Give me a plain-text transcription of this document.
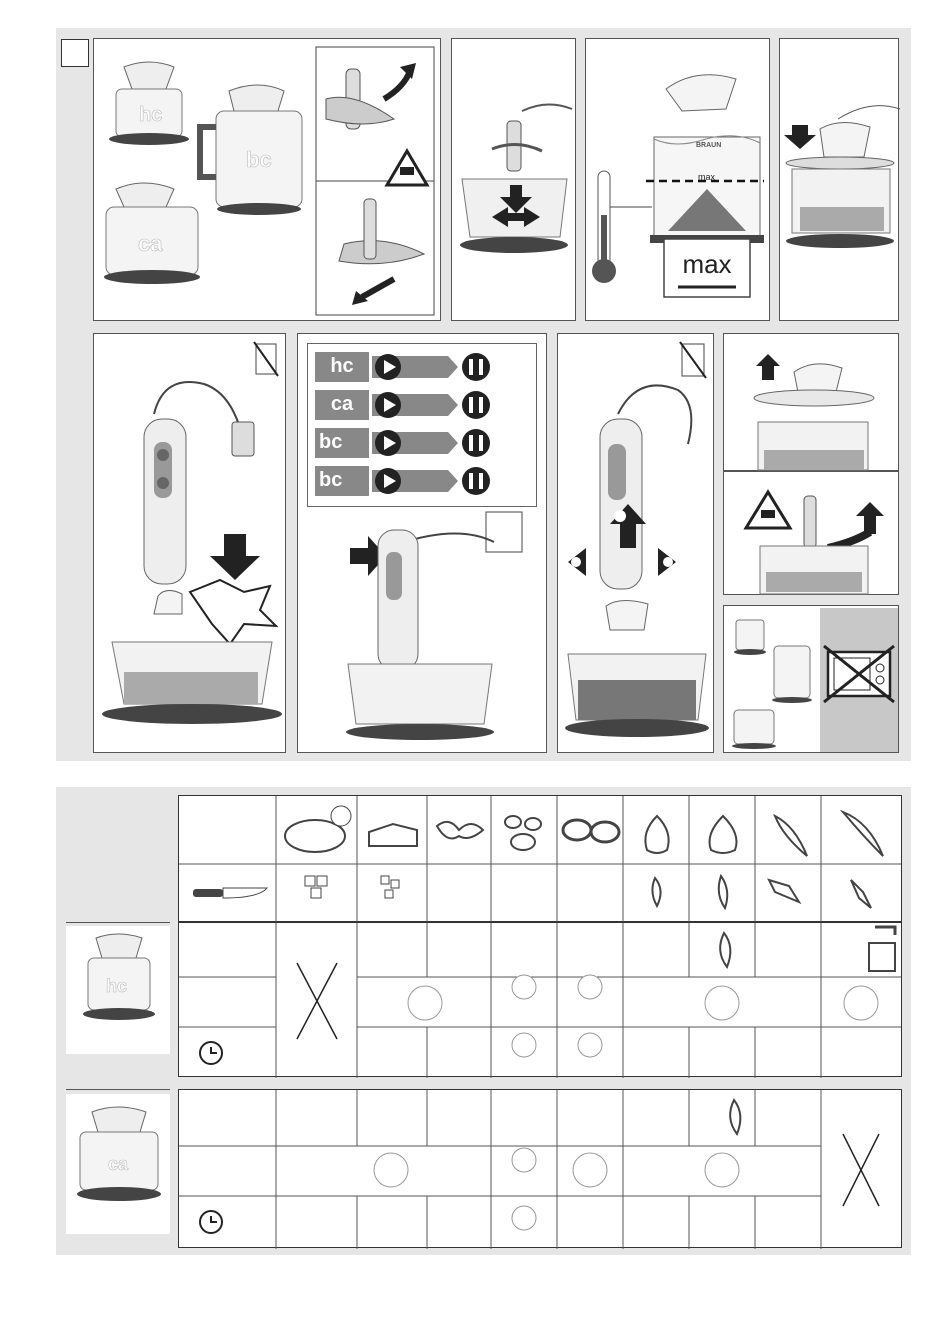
hc
bc
ca
max
max
BRAUN
hc
ca
bc
bc
hc
ca
